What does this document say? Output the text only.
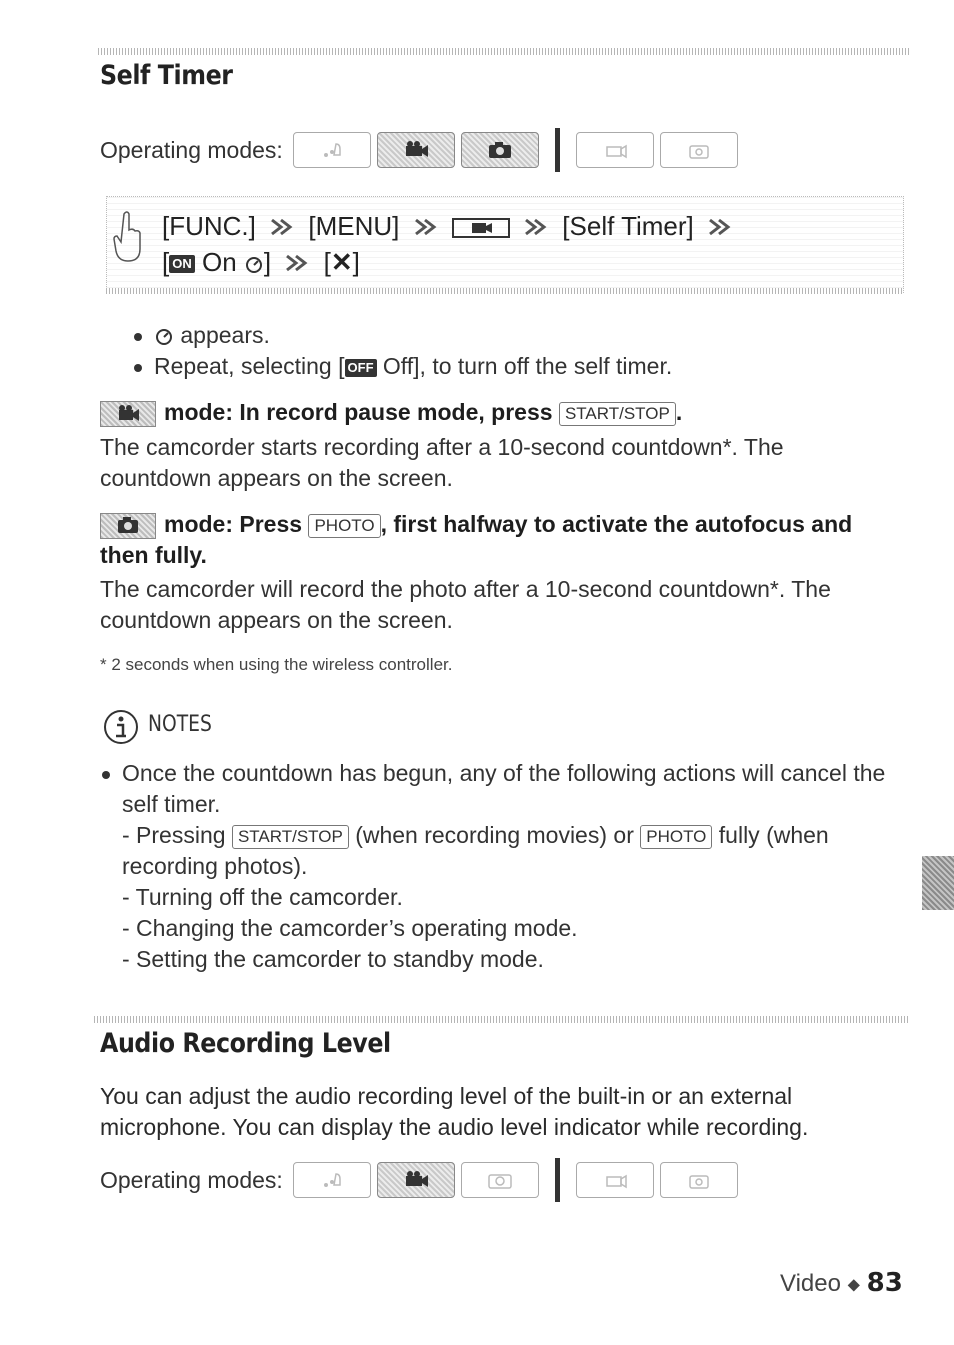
Self Timer
Operating modes:
[FUNC.] [MENU]	[Self Timer]
[ ON On ] [✕]
appears.
Repeat, selecting [ OFF Off], to turn off the self timer.
mode: In record pause mode, press START/STOP .
The camcorder starts recording after a 10-second countdown*. The countdown appears on the screen.
mode: Press PHOTO , first halfway to activate the autofocus and then fully.
The camcorder will record the photo after a 10-second countdown*. The countdown appears on the screen.
* 2 seconds when using the wireless controller.
NOTES
Once the countdown has begun, any of the following actions will cancel the self timer.
- Pressing START/STOP (when recording movies) or PHOTO fully (when recording photos).
- Turning off the camcorder.
- Changing the camcorder’s operating mode.
- Setting the camcorder to standby mode.
Audio Recording Level
You can adjust the audio recording level of the built-in or an external microphone. You can display the audio level indicator while recording.
Operating modes:
Video ◆ 83
